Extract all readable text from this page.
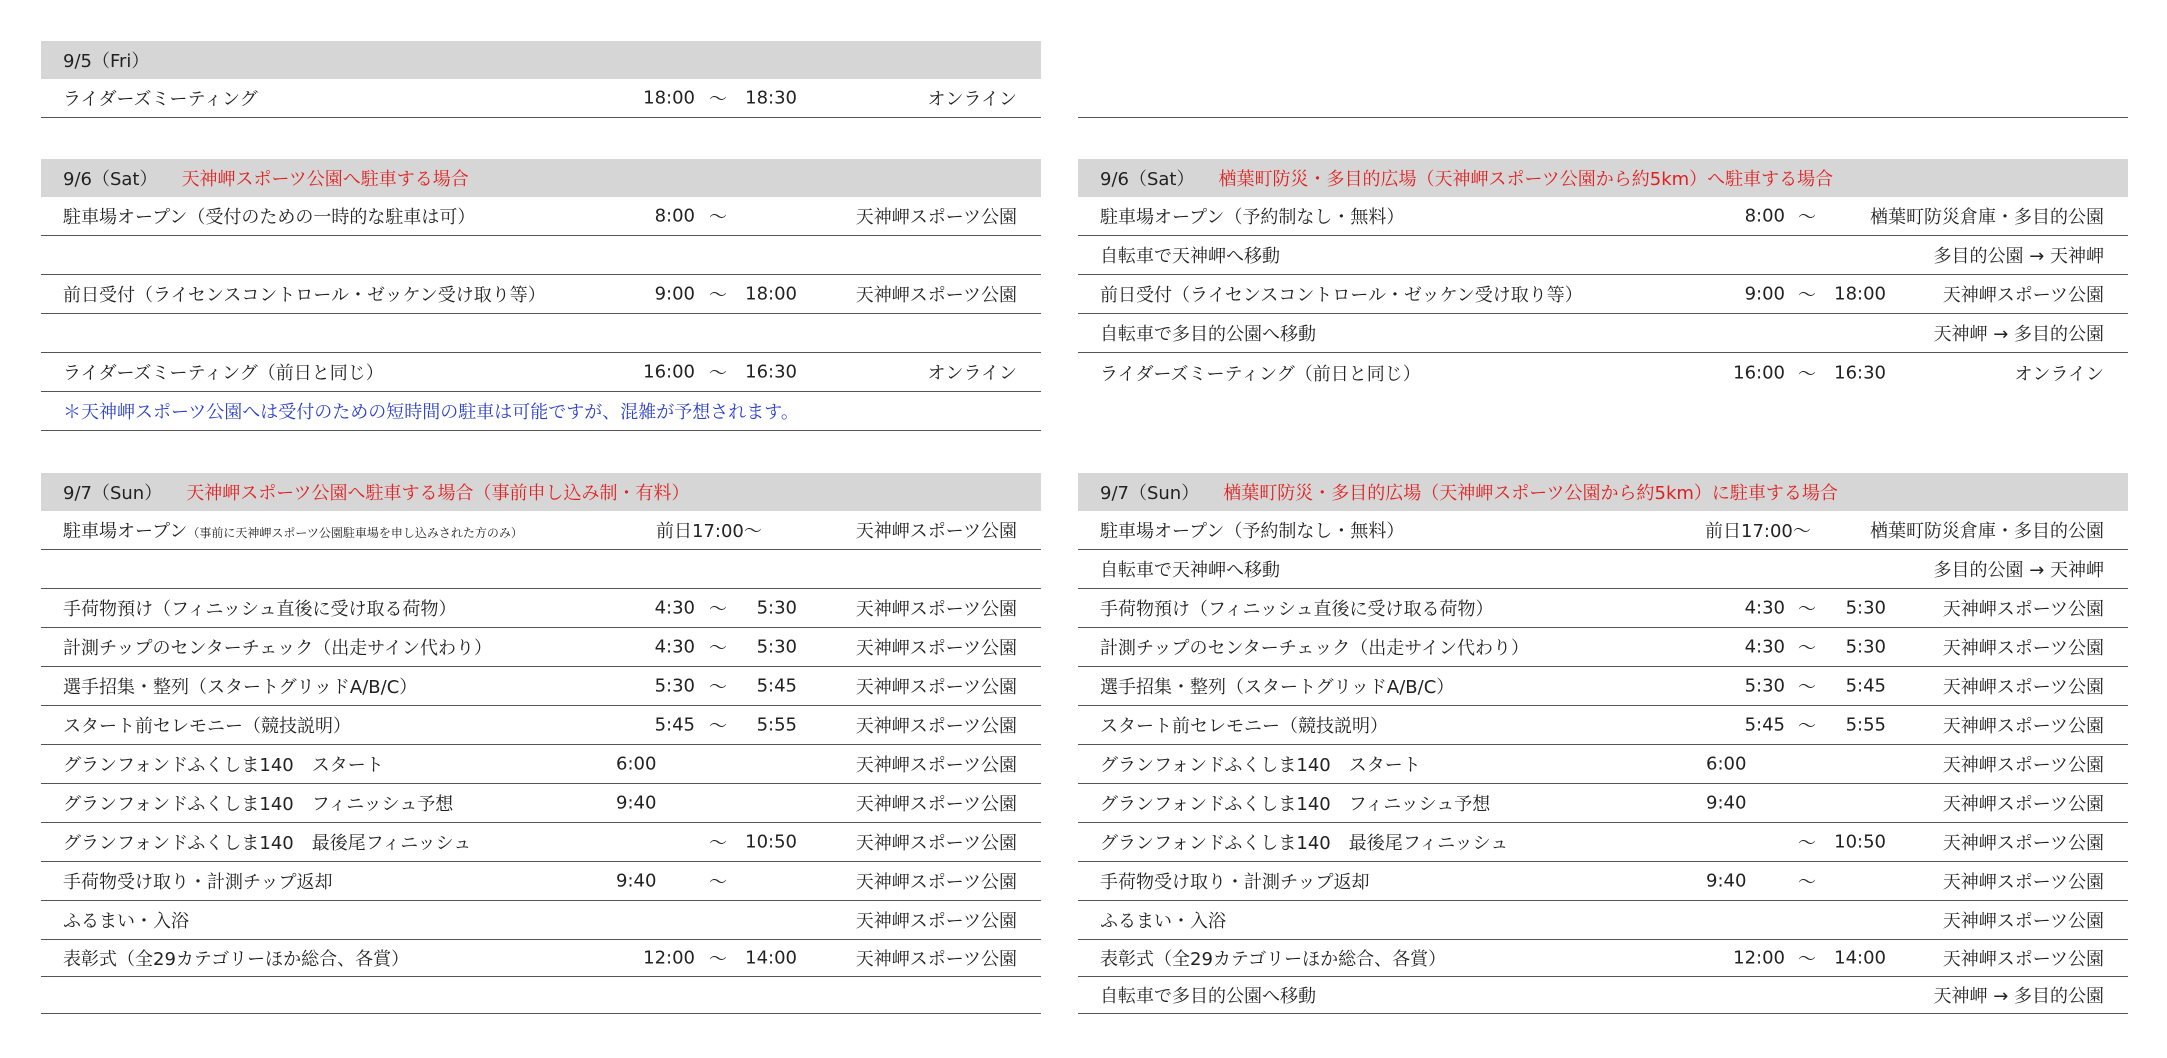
9/5（Fri）
ライダーズミーティング	18:00 〜	18:30	オンライン
9/6（Sat） 天神岬スポーツ公園へ駐車する場合
駐車場オープン（受付のための一時的な駐車は可）	8:00 〜	天神岬スポーツ公園
前日受付（ライセンスコントロール・ゼッケン受け取り等）	9:00 〜	18:00	天神岬スポーツ公園
ライダーズミーティング（前日と同じ）	16:00 〜	16:30	オンライン
＊天神岬スポーツ公園へは受付のための短時間の駐車は可能ですが、混雑が予想されます。
9/6（Sat） 楢葉町防災・多目的広場（天神岬スポーツ公園から約5km）へ駐車する場合
駐車場オープン（予約制なし・無料）	8:00 〜	楢葉町防災倉庫・多目的公園
自転車で天神岬へ移動	多目的公園 → 天神岬
前日受付（ライセンスコントロール・ゼッケン受け取り等）	9:00 〜	18:00	天神岬スポーツ公園
自転車で多目的公園へ移動	天神岬 → 多目的公園
ライダーズミーティング（前日と同じ）	16:00 〜	16:30	オンライン
9/7（Sun） 天神岬スポーツ公園へ駐車する場合（事前申し込み制・有料）
駐車場オープン（事前に天神岬スポーツ公園駐車場を申し込みされた方のみ）	前日17:00〜	天神岬スポーツ公園
手荷物預け（フィニッシュ直後に受け取る荷物）	4:30 〜	5:30	天神岬スポーツ公園
計測チップのセンターチェック（出走サイン代わり）	4:30 〜	5:30	天神岬スポーツ公園
選手招集・整列（スタートグリッドA/B/C）	5:30 〜	5:45	天神岬スポーツ公園
スタート前セレモニー（競技説明）	5:45 〜	5:55	天神岬スポーツ公園
グランフォンドふくしま140　スタート	6:00	天神岬スポーツ公園
グランフォンドふくしま140　フィニッシュ予想	9:40	天神岬スポーツ公園
グランフォンドふくしま140　最後尾フィニッシュ	〜	10:50	天神岬スポーツ公園
手荷物受け取り・計測チップ返却	9:40	〜	天神岬スポーツ公園
ふるまい・入浴	天神岬スポーツ公園
表彰式（全29カテゴリーほか総合、各賞）	12:00 〜	14:00	天神岬スポーツ公園
9/7（Sun） 楢葉町防災・多目的広場（天神岬スポーツ公園から約5km）に駐車する場合
駐車場オープン（予約制なし・無料）	前日17:00〜	楢葉町防災倉庫・多目的公園
自転車で天神岬へ移動	多目的公園 → 天神岬
手荷物預け（フィニッシュ直後に受け取る荷物）	4:30 〜	5:30	天神岬スポーツ公園
計測チップのセンターチェック（出走サイン代わり）	4:30 〜	5:30	天神岬スポーツ公園
選手招集・整列（スタートグリッドA/B/C）	5:30 〜	5:45	天神岬スポーツ公園
スタート前セレモニー（競技説明）	5:45 〜	5:55	天神岬スポーツ公園
グランフォンドふくしま140　スタート	6:00	天神岬スポーツ公園
グランフォンドふくしま140　フィニッシュ予想	9:40	天神岬スポーツ公園
グランフォンドふくしま140　最後尾フィニッシュ	〜	10:50	天神岬スポーツ公園
手荷物受け取り・計測チップ返却	9:40	〜	天神岬スポーツ公園
ふるまい・入浴	天神岬スポーツ公園
表彰式（全29カテゴリーほか総合、各賞）	12:00 〜	14:00	天神岬スポーツ公園
自転車で多目的公園へ移動	天神岬 → 多目的公園
